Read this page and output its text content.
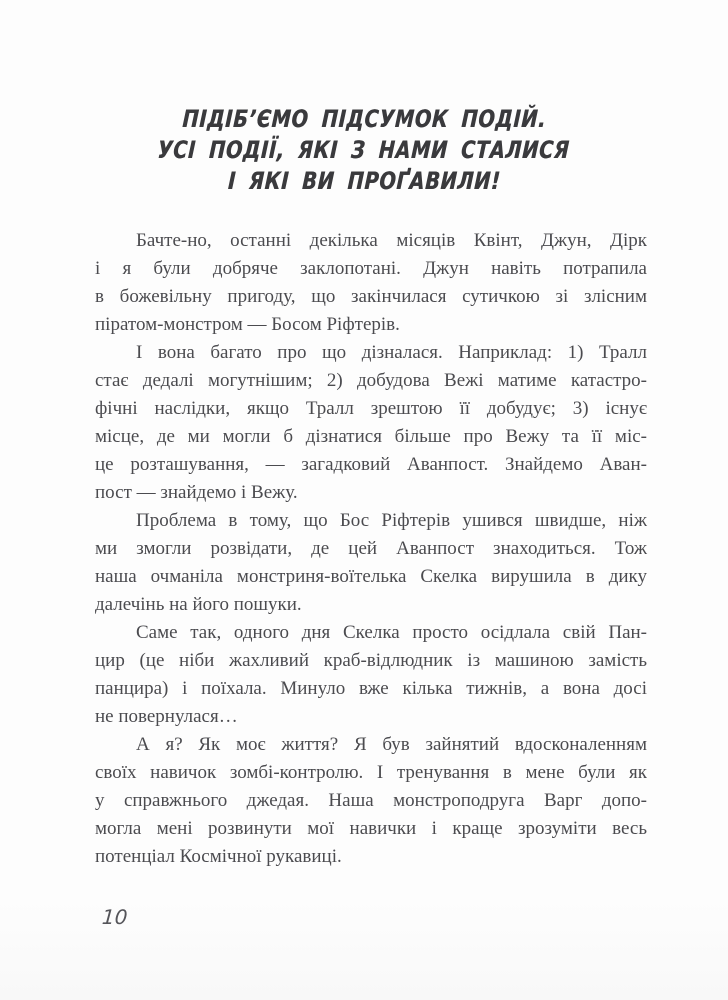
ПІДІБ’ЄМО ПІДСУМОК ПОДІЙ.
УСІ ПОДІЇ, ЯКІ З НАМИ СТАЛИСЯ
І ЯКІ ВИ ПРОҐАВИЛИ!
Бачте-но, останні декілька місяців Квінт, Джун, Дірк
і я були добряче заклопотані. Джун навіть потрапила
в божевільну пригоду, що закінчилася сутичкою зі злісним
піратом-монстром — Босом Ріфтерів.
І вона багато про що дізналася. Наприклад: 1) Тралл
стає дедалі могутнішим; 2) добудова Вежі матиме катастро-
фічні наслідки, якщо Тралл зрештою її добудує; 3) існує
місце, де ми могли б дізнатися більше про Вежу та її міс-
це розташування, — загадковий Аванпост. Знайдемо Аван-
пост — знайдемо і Вежу.
Проблема в тому, що Бос Ріфтерів ушився швидше, ніж
ми змогли розвідати, де цей Аванпост знаходиться. Тож
наша очманіла монстриня-воїтелька Скелка вирушила в дику
далечінь на його пошуки.
Саме так, одного дня Скелка просто осідлала свій Пан-
цир (це ніби жахливий краб-відлюдник із машиною замість
панцира) і поїхала. Минуло вже кілька тижнів, а вона досі
не повернулася…
А я? Як моє життя? Я був зайнятий вдосконаленням
своїх навичок зомбі-контролю. І тренування в мене були як
у справжнього джедая. Наша монстроподруга Варг допо-
могла мені розвинути мої навички і краще зрозуміти весь
потенціал Космічної рукавиці.
10
